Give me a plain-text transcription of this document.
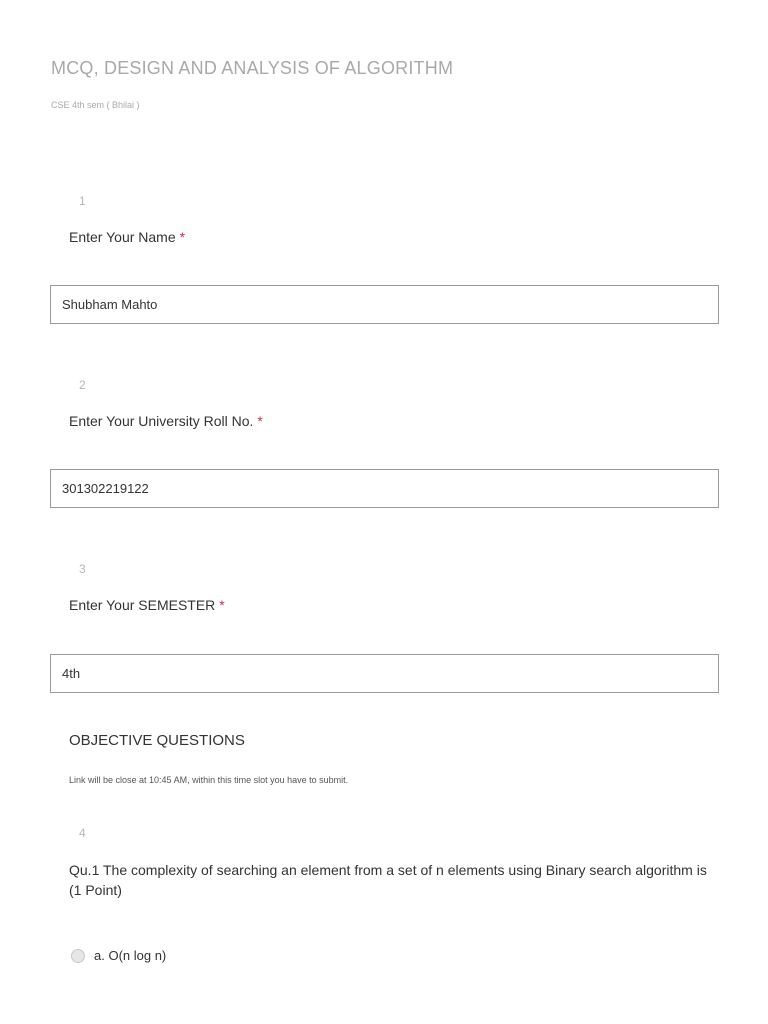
MCQ, DESIGN AND ANALYSIS OF ALGORITHM
CSE 4th sem ( Bhilai )
1
Enter Your Name *
Shubham Mahto
2
Enter Your University Roll No. *
301302219122
3
Enter Your SEMESTER *
4th
OBJECTIVE QUESTIONS
Link will be close at 10:45 AM, within this time slot you have to submit.
4
Qu.1 The complexity of searching an element from a set of n elements using Binary search algorithm is
(1 Point)
a. O(n log n)
